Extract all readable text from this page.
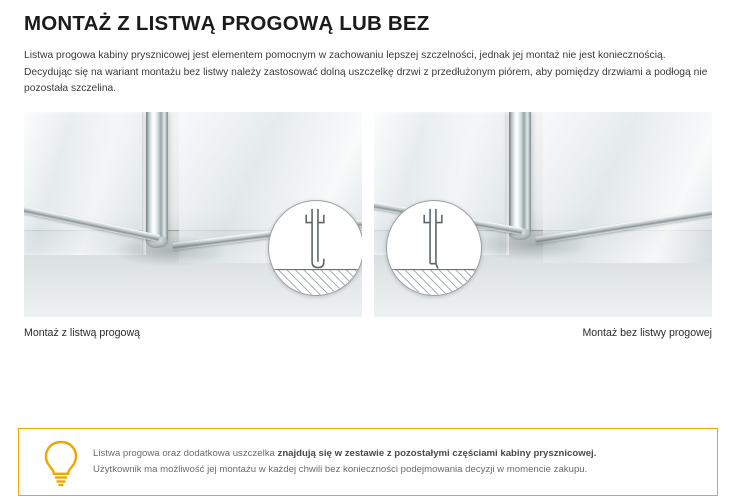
MONTAŻ Z LISTWĄ PROGOWĄ LUB BEZ
Listwa progowa kabiny prysznicowej jest elementem pomocnym w zachowaniu lepszej szczelności, jednak jej montaż nie jest koniecznością. Decydując się na wariant montażu bez listwy należy zastosować dolną uszczelkę drzwi z przedłużonym piórem, aby pomiędzy drzwiami a podłogą nie pozostała szczelina.
Montaż z listwą progową	Montaż bez listwy progowej
Listwa progowa oraz dodatkowa uszczelka znajdują się w zestawie z pozostałymi częściami kabiny prysznicowej.
Użytkownik ma możliwość jej montażu w każdej chwili bez konieczności podejmowania decyzji w momencie zakupu.
